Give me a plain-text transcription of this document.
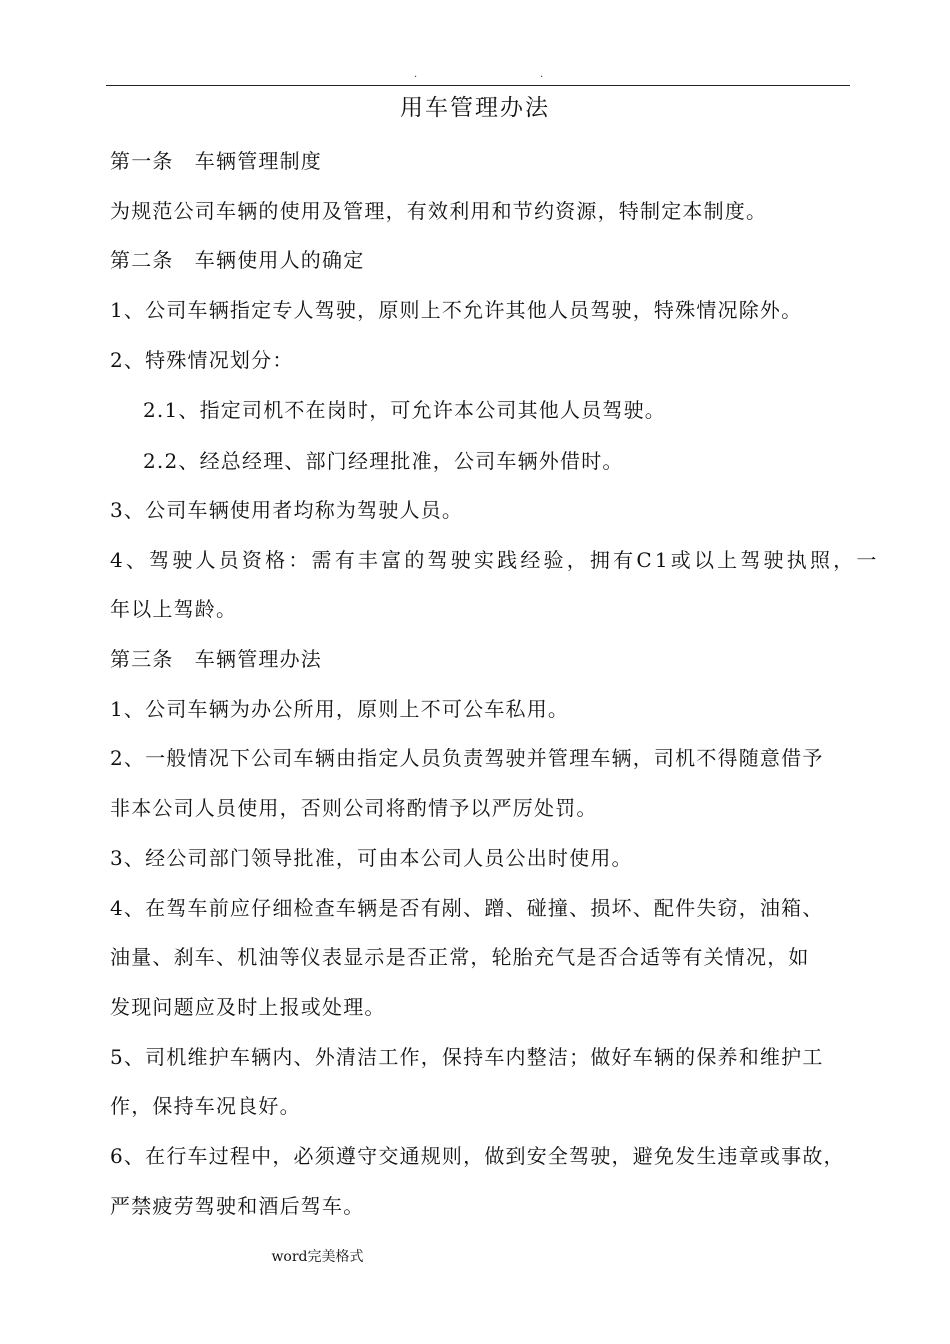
.	.
用车管理办法
第一条　车辆管理制度
为规范公司车辆的使用及管理，有效利用和节约资源，特制定本制度。
第二条　车辆使用人的确定
1、公司车辆指定专人驾驶，原则上不允许其他人员驾驶，特殊情况除外。
2、特殊情况划分：
2.1、指定司机不在岗时，可允许本公司其他人员驾驶。
2.2、经总经理、部门经理批准，公司车辆外借时。
3、公司车辆使用者均称为驾驶人员。
4、驾驶人员资格：需有丰富的驾驶实践经验，拥有C1或以上驾驶执照，一
年以上驾龄。
第三条　车辆管理办法
1、公司车辆为办公所用，原则上不可公车私用。
2、一般情况下公司车辆由指定人员负责驾驶并管理车辆，司机不得随意借予
非本公司人员使用，否则公司将酌情予以严厉处罚。
3、经公司部门领导批准，可由本公司人员公出时使用。
4、在驾车前应仔细检查车辆是否有剐、蹭、碰撞、损坏、配件失窃，油箱、
油量、刹车、机油等仪表显示是否正常，轮胎充气是否合适等有关情况，如
发现问题应及时上报或处理。
5、司机维护车辆内、外清洁工作，保持车内整洁；做好车辆的保养和维护工
作，保持车况良好。
6、在行车过程中，必须遵守交通规则，做到安全驾驶，避免发生违章或事故，
严禁疲劳驾驶和酒后驾车。
word完美格式
